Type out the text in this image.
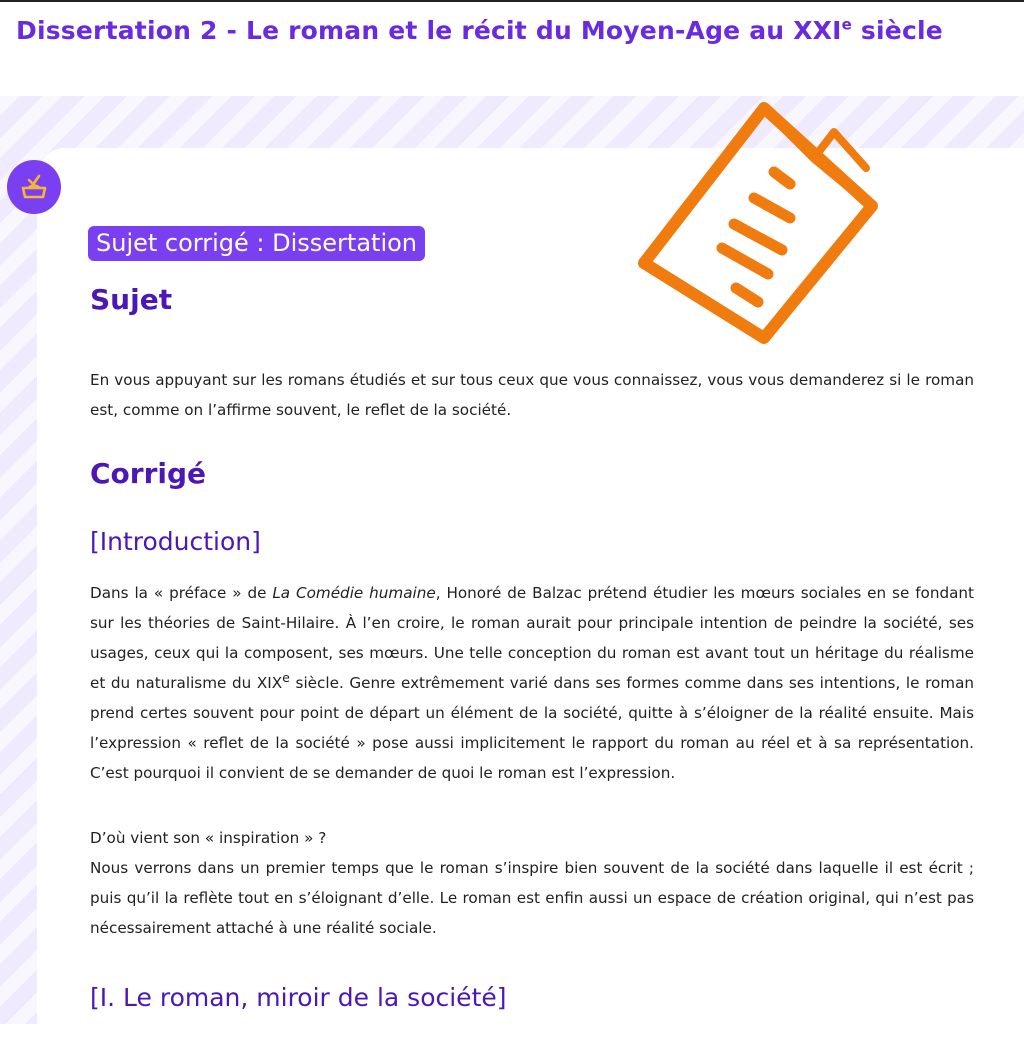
Dissertation 2 - Le roman et le récit du Moyen-Age au XXIe siècle
Sujet corrigé : Dissertation
Sujet

En vous appuyant sur les romans étudiés et sur tous ceux que vous connaissez, vous vous demanderez si le roman est, comme on l’affirme souvent, le reflet de la société.

Corrigé
[Introduction]

Dans la « préface » de La Comédie humaine, Honoré de Balzac prétend étudier les mœurs sociales en se fondant sur les théories de Saint-Hilaire. À l’en croire, le roman aurait pour principale intention de peindre la société, ses usages, ceux qui la composent, ses mœurs. Une telle conception du roman est avant tout un héritage du réalisme et du naturalisme du XIXe siècle. Genre extrêmement varié dans ses formes comme dans ses intentions, le roman prend certes souvent pour point de départ un élément de la société, quitte à s’éloigner de la réalité ensuite. Mais l’expression « reflet de la société » pose aussi implicitement le rapport du roman au réel et à sa représentation. C’est pourquoi il convient de se demander de quoi le roman est l’expression.

D’où vient son « inspiration » ?

Nous verrons dans un premier temps que le roman s’inspire bien souvent de la société dans laquelle il est écrit ; puis qu’il la reflète tout en s’éloignant d’elle. Le roman est enfin aussi un espace de création original, qui n’est pas nécessairement attaché à une réalité sociale.

[I. Le roman, miroir de la société]
